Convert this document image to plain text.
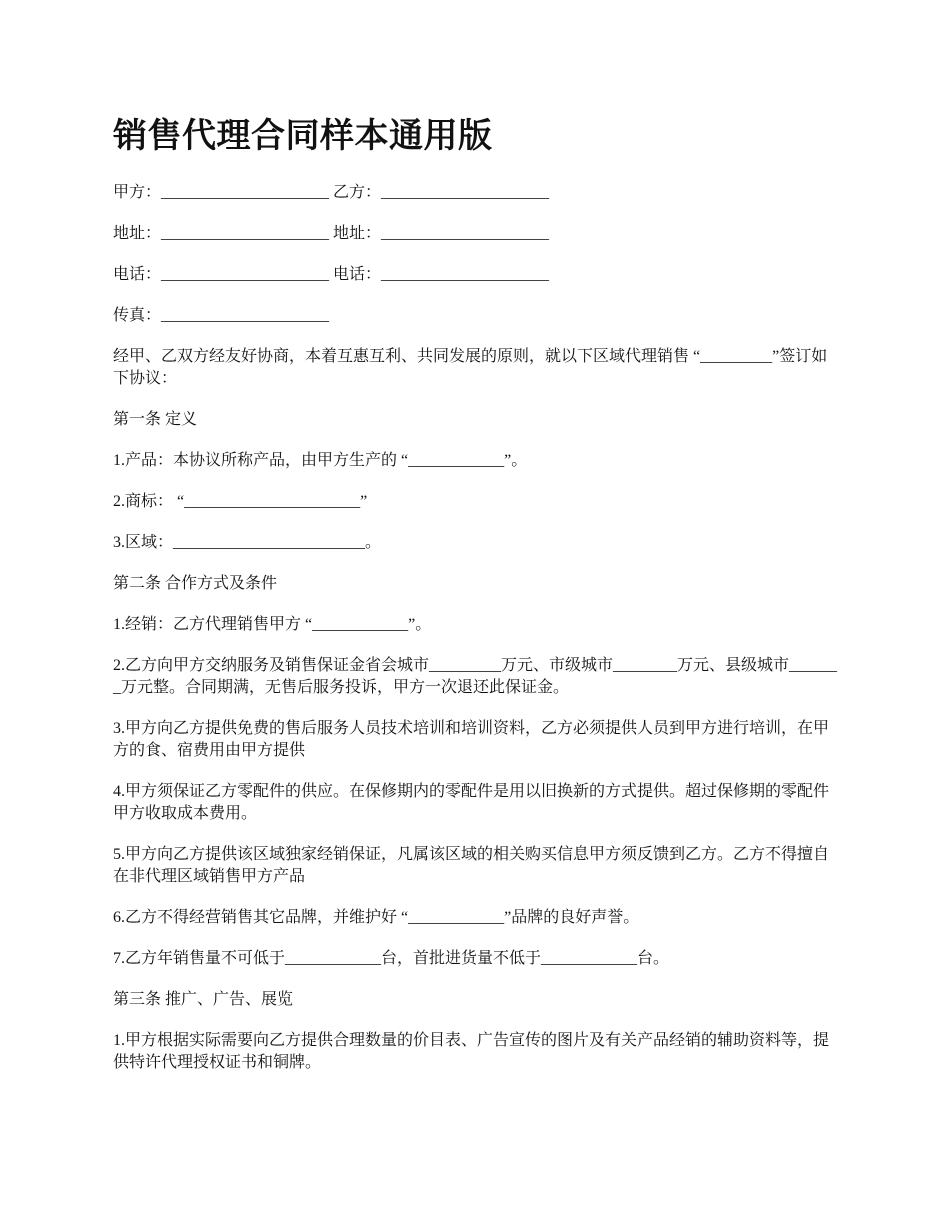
销售代理合同样本通用版
甲方：_____________________ 乙方：_____________________
地址：_____________________ 地址：_____________________
电话：_____________________ 电话：_____________________
传真：_____________________

经甲、乙双方经友好协商，本着互惠互利、共同发展的原则，就以下区域代理销售 “_________”签订如下协议：

第一条 定义

1.产品：本协议所称产品，由甲方生产的 “____________”。

2.商标： “______________________”

3.区域：________________________。

第二条 合作方式及条件

1.经销：乙方代理销售甲方 “____________”。

2.乙方向甲方交纳服务及销售保证金省会城市_________万元、市级城市________万元、县级城市_______万元整。合同期满，无售后服务投诉，甲方一次退还此保证金。

3.甲方向乙方提供免费的售后服务人员技术培训和培训资料，乙方必须提供人员到甲方进行培训，在甲方的食、宿费用由甲方提供

4.甲方须保证乙方零配件的供应。在保修期内的零配件是用以旧换新的方式提供。超过保修期的零配件甲方收取成本费用。

5.甲方向乙方提供该区域独家经销保证，凡属该区域的相关购买信息甲方须反馈到乙方。乙方不得擅自在非代理区域销售甲方产品

6.乙方不得经营销售其它品牌，并维护好 “____________”品牌的良好声誉。

7.乙方年销售量不可低于____________台，首批进货量不低于____________台。

第三条 推广、广告、展览

1.甲方根据实际需要向乙方提供合理数量的价目表、广告宣传的图片及有关产品经销的辅助资料等，提供特许代理授权证书和铜牌。
